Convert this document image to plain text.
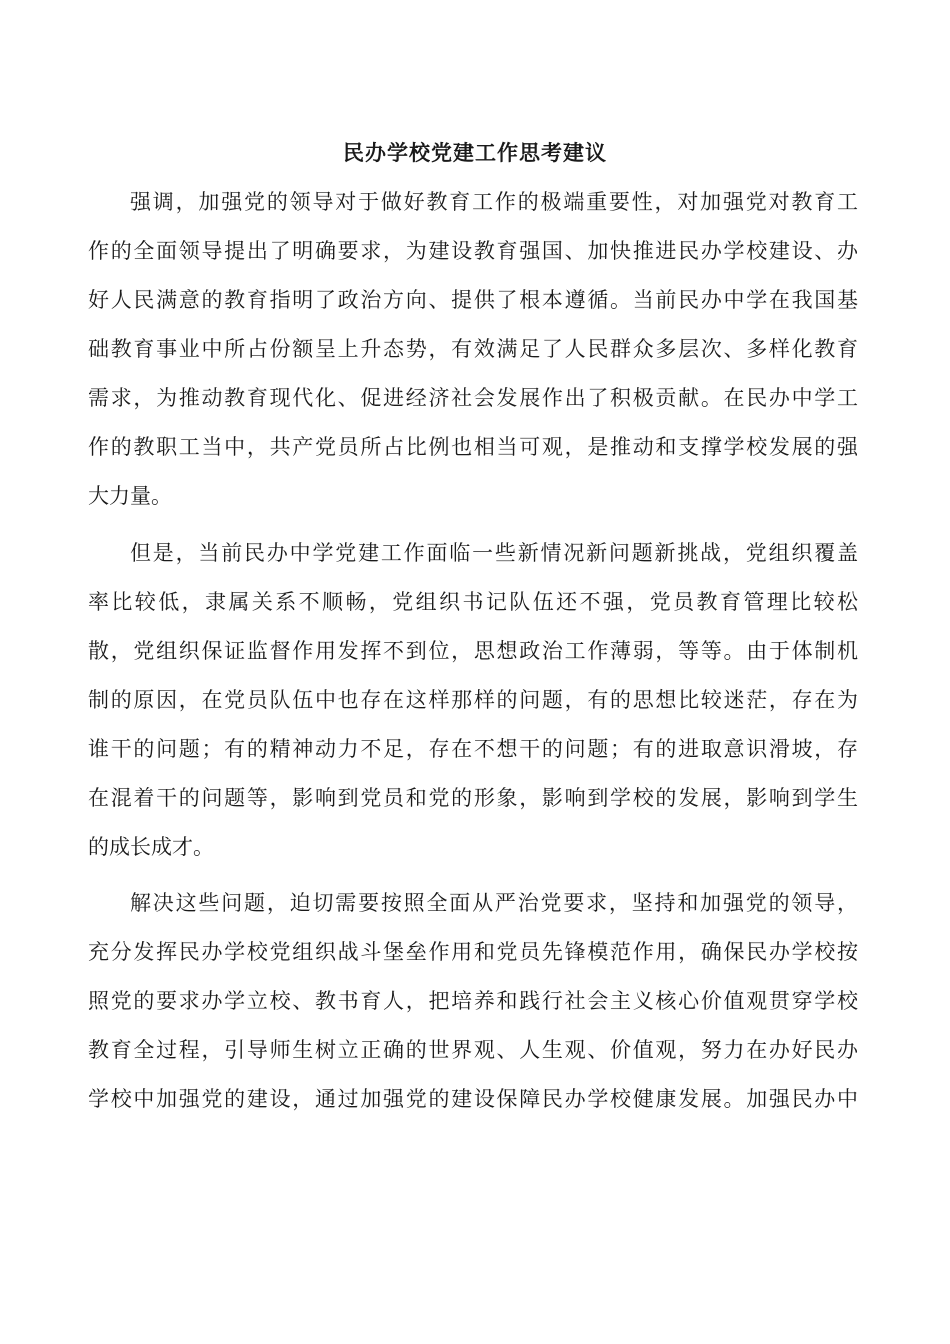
民办学校党建工作思考建议

强调，加强党的领导对于做好教育工作的极端重要性，对加强党对教育工

作的全面领导提出了明确要求，为建设教育强国、加快推进民办学校建设、办

好人民满意的教育指明了政治方向、提供了根本遵循。当前民办中学在我国基

础教育事业中所占份额呈上升态势，有效满足了人民群众多层次、多样化教育

需求，为推动教育现代化、促进经济社会发展作出了积极贡献。在民办中学工

作的教职工当中，共产党员所占比例也相当可观，是推动和支撑学校发展的强

大力量。

但是，当前民办中学党建工作面临一些新情况新问题新挑战，党组织覆盖

率比较低，隶属关系不顺畅，党组织书记队伍还不强，党员教育管理比较松

散，党组织保证监督作用发挥不到位，思想政治工作薄弱，等等。由于体制机

制的原因，在党员队伍中也存在这样那样的问题，有的思想比较迷茫，存在为

谁干的问题；有的精神动力不足，存在不想干的问题；有的进取意识滑坡，存

在混着干的问题等，影响到党员和党的形象，影响到学校的发展，影响到学生

的成长成才。

解决这些问题，迫切需要按照全面从严治党要求，坚持和加强党的领导，

充分发挥民办学校党组织战斗堡垒作用和党员先锋模范作用，确保民办学校按

照党的要求办学立校、教书育人，把培养和践行社会主义核心价值观贯穿学校

教育全过程，引导师生树立正确的世界观、人生观、价值观，努力在办好民办

学校中加强党的建设，通过加强党的建设保障民办学校健康发展。加强民办中
